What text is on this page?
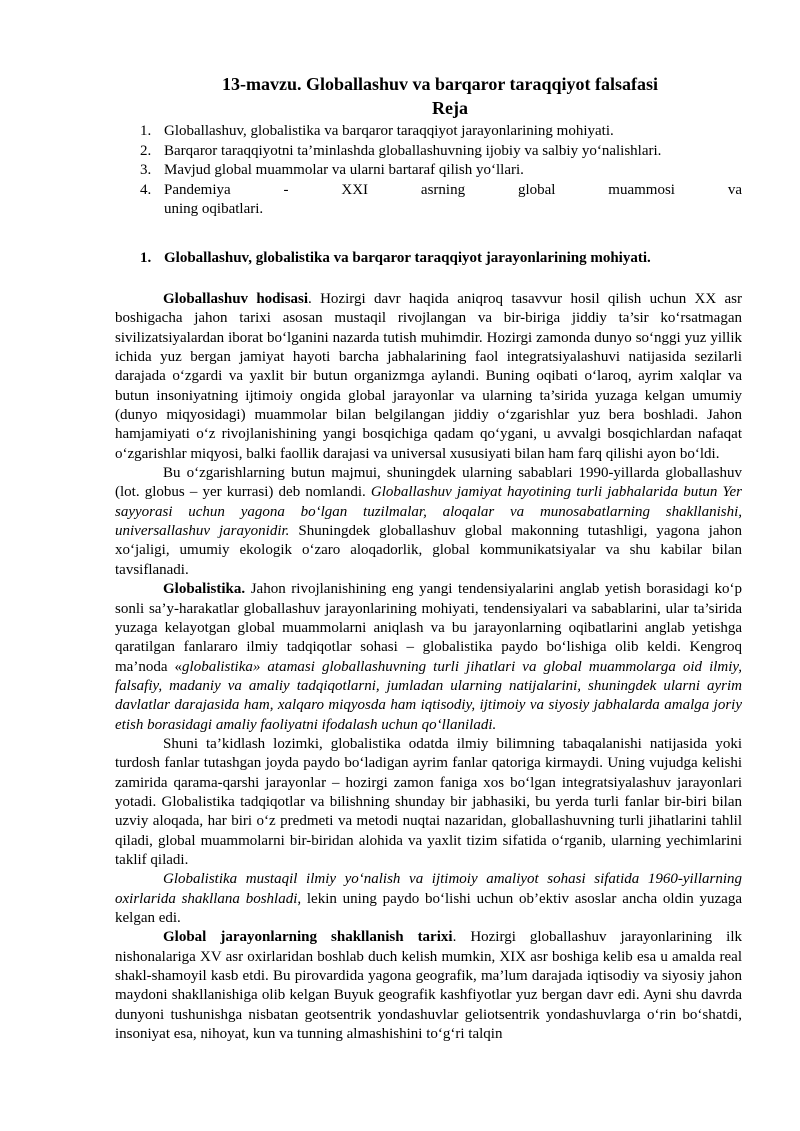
13-mavzu. Globallashuv va barqaror taraqqiyot falsafasi
Reja
1. Globallashuv, globalistika va barqaror taraqqiyot jarayonlarining mohiyati.
2. Barqaror taraqqiyotni ta’minlashda globallashuvning ijobiy va salbiy yo‘nalishlari.
3. Mavjud global muammolar va ularni bartaraf qilish yo‘llari.
4. Pandemiya - XXI asrning global muammosi va
uning oqibatlari.
1. Globallashuv, globalistika va barqaror taraqqiyot jarayonlarining mohiyati.

Globallashuv hodisasi. Hozirgi davr haqida aniqroq tasavvur hosil qilish uchun XX asr boshigacha jahon tarixi asosan mustaqil rivojlangan va bir-biriga jiddiy ta’sir ko‘rsatmagan sivilizatsiyalardan iborat bo‘lganini nazarda tutish muhimdir. Hozirgi zamonda dunyo so‘nggi yuz yillik ichida yuz bergan jamiyat hayoti barcha jabhalarining faol integratsiyalashuvi natijasida sezilarli darajada o‘zgardi va yaxlit bir butun organizmga aylandi. Buning oqibati o‘laroq, ayrim xalqlar va butun insoniyatning ijtimoiy ongida global jarayonlar va ularning ta’sirida yuzaga kelgan umumiy (dunyo miqyosidagi) muammolar bilan belgilangan jiddiy o‘zgarishlar yuz bera boshladi. Jahon hamjamiyati o‘z rivojlanishining yangi bosqichiga qadam qo‘ygani, u avvalgi bosqichlardan nafaqat o‘zgarishlar miqyosi, balki faollik darajasi va universal xususiyati bilan ham farq qilishi ayon bo‘ldi.

Bu o‘zgarishlarning butun majmui, shuningdek ularning sabablari 1990-yillarda globallashuv (lot. globus – yer kurrasi) deb nomlandi. Globallashuv jamiyat hayotining turli jabhalarida butun Yer sayyorasi uchun yagona bo‘lgan tuzilmalar, aloqalar va munosabatlarning shakllanishi, universallashuv jarayonidir. Shuningdek globallashuv global makonning tutashligi, yagona jahon xo‘jaligi, umumiy ekologik o‘zaro aloqadorlik, global kommunikatsiyalar va shu kabilar bilan tavsiflanadi.

Globalistika. Jahon rivojlanishining eng yangi tendensiyalarini anglab yetish borasidagi ko‘p sonli sa’y-harakatlar globallashuv jarayonlarining mohiyati, tendensiyalari va sabablarini, ular ta’sirida yuzaga kelayotgan global muammolarni aniqlash va bu jarayonlarning oqibatlarini anglab yetishga qaratilgan fanlararo ilmiy tadqiqotlar sohasi – globalistika paydo bo‘lishiga olib keldi. Kengroq ma’noda «globalistika» atamasi globallashuvning turli jihatlari va global muammolarga oid ilmiy, falsafiy, madaniy va amaliy tadqiqotlarni, jumladan ularning natijalarini, shuningdek ularni ayrim davlatlar darajasida ham, xalqaro miqyosda ham iqtisodiy, ijtimoiy va siyosiy jabhalarda amalga joriy etish borasidagi amaliy faoliyatni ifodalash uchun qo‘llaniladi.

Shuni ta’kidlash lozimki, globalistika odatda ilmiy bilimning tabaqalanishi natijasida yoki turdosh fanlar tutashgan joyda paydo bo‘ladigan ayrim fanlar qatoriga kirmaydi. Uning vujudga kelishi zamirida qarama-qarshi jarayonlar – hozirgi zamon faniga xos bo‘lgan integratsiyalashuv jarayonlari yotadi. Globalistika tadqiqotlar va bilishning shunday bir jabhasiki, bu yerda turli fanlar bir-biri bilan uzviy aloqada, har biri o‘z predmeti va metodi nuqtai nazaridan, globallashuvning turli jihatlarini tahlil qiladi, global muammolarni bir-biridan alohida va yaxlit tizim sifatida o‘rganib, ularning yechimlarini taklif qiladi.

Globalistika mustaqil ilmiy yo‘nalish va ijtimoiy amaliyot sohasi sifatida 1960-yillarning oxirlarida shakllana boshladi, lekin uning paydo bo‘lishi uchun ob’ektiv asoslar ancha oldin yuzaga kelgan edi.

Global jarayonlarning shakllanish tarixi. Hozirgi globallashuv jarayonlarining ilk nishonalariga XV asr oxirlaridan boshlab duch kelish mumkin, XIX asr boshiga kelib esa u amalda real shakl-shamoyil kasb etdi. Bu pirovardida yagona geografik, ma’lum darajada iqtisodiy va siyosiy jahon maydoni shakllanishiga olib kelgan Buyuk geografik kashfiyotlar yuz bergan davr edi. Ayni shu davrda dunyoni tushunishga nisbatan geotsentrik yondashuvlar geliotsentrik yondashuvlarga o‘rin bo‘shatdi, insoniyat esa, nihoyat, kun va tunning almashishini to‘g‘ri talqin
